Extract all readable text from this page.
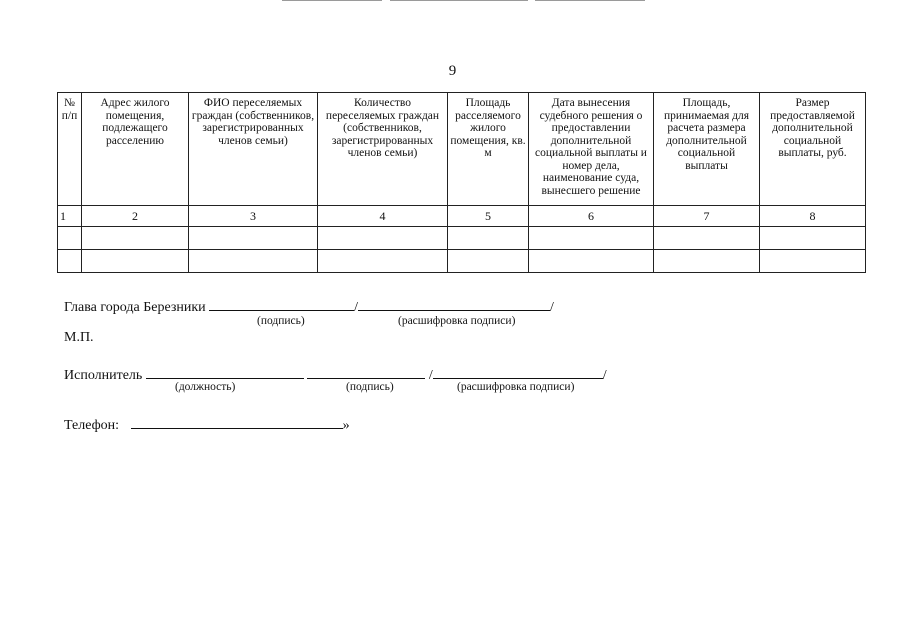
9
№ п/п	Адрес жилого помещения, подлежащего расселению	ФИО переселяемых граждан (собственников, зарегистрированных членов семьи)	Количество переселяемых граждан (собственников, зарегистрированных членов семьи)	Площадь расселяемого жилого помещения, кв. м	Дата вынесения судебного решения о предоставлении дополнительной социальной выплаты и номер дела, наименование суда, вынесшего решение	Площадь, принимаемая для расчета размера дополнительной социальной выплаты	Размер предоставляемой дополнительной социальной выплаты, руб.
1	2	3	4	5	6	7	8

Глава города Березники	/	/
(подпись)	(расшифровка подписи)
М.П.
Исполнитель	/	/
(должность)	(подпись)	(расшифровка подписи)
Телефон:	»
